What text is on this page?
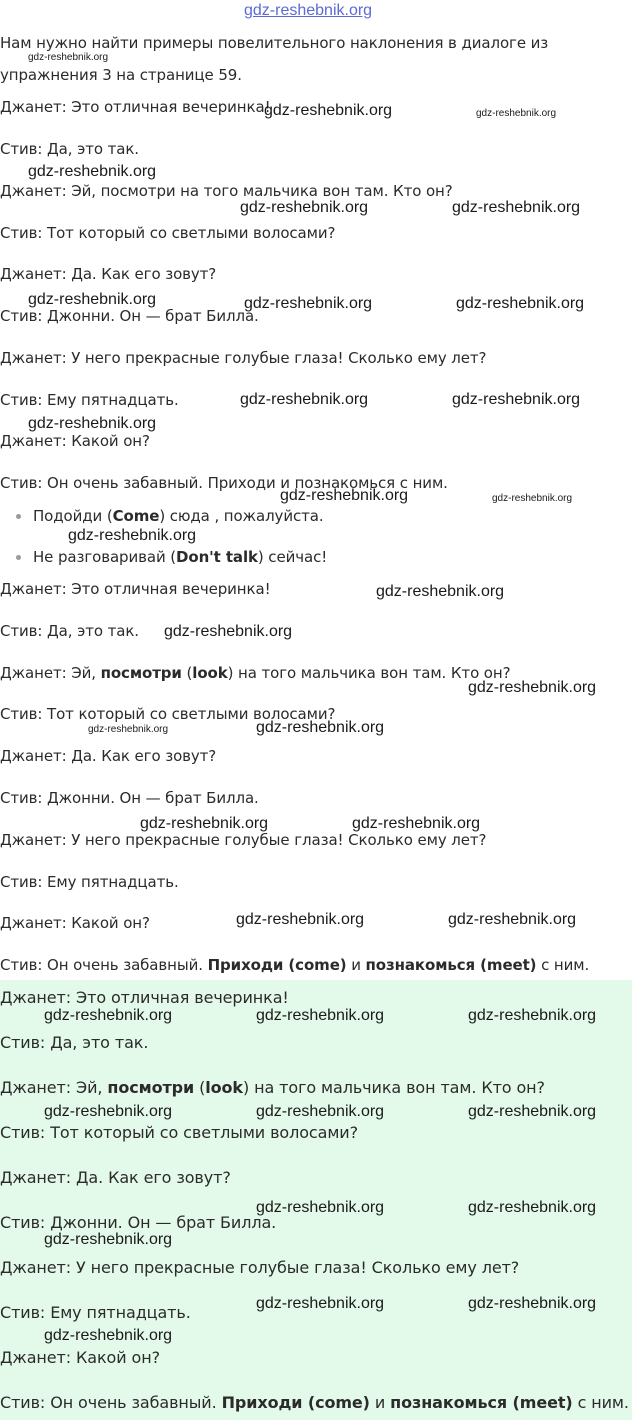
gdz-reshebnik.org
Нам нужно найти примеры повелительного наклонения в диалоге из
gdz-reshebnik.org
упражнения 3 на странице 59.
Джанет: Это отличная вечеринка!
gdz-reshebnik.org	gdz-reshebnik.org
Стив: Да, это так.
gdz-reshebnik.org
Джанет: Эй, посмотри на того мальчика вон там. Кто он?
gdz-reshebnik.org	gdz-reshebnik.org
Стив: Тот который со светлыми волосами?
Джанет: Да. Как его зовут?
gdz-reshebnik.org	gdz-reshebnik.org	gdz-reshebnik.org
Стив: Джонни. Он — брат Билла.
Джанет: У него прекрасные голубые глаза! Сколько ему лет?
Стив: Ему пятнадцать.	gdz-reshebnik.org	gdz-reshebnik.org
gdz-reshebnik.org
Джанет: Какой он?
Стив: Он очень забавный. Приходи и познакомься с ним.
gdz-reshebnik.org	gdz-reshebnik.org
Подойди (Come) сюда , пожалуйста.
gdz-reshebnik.org
Не разговаривай (Don't talk) сейчас!
Джанет: Это отличная вечеринка!	gdz-reshebnik.org
Стив: Да, это так. gdz-reshebnik.org
Джанет: Эй, посмотри (look) на того мальчика вон там. Кто он?
gdz-reshebnik.org
Стив: Тот который со светлыми волосами?
gdz-reshebnik.org	gdz-reshebnik.org
Джанет: Да. Как его зовут?
Стив: Джонни. Он — брат Билла.
gdz-reshebnik.org	gdz-reshebnik.org
Джанет: У него прекрасные голубые глаза! Сколько ему лет?
Стив: Ему пятнадцать.
Джанет: Какой он?	gdz-reshebnik.org	gdz-reshebnik.org
Стив: Он очень забавный. Приходи (come) и познакомься (meet) с ним.
Джанет: Это отличная вечеринка!
gdz-reshebnik.org	gdz-reshebnik.org	gdz-reshebnik.org
Стив: Да, это так.
Джанет: Эй, посмотри (look) на того мальчика вон там. Кто он?
gdz-reshebnik.org	gdz-reshebnik.org	gdz-reshebnik.org
Стив: Тот который со светлыми волосами?
Джанет: Да. Как его зовут?
gdz-reshebnik.org	gdz-reshebnik.org
Стив: Джонни. Он — брат Билла.
gdz-reshebnik.org
Джанет: У него прекрасные голубые глаза! Сколько ему лет?
gdz-reshebnik.org	gdz-reshebnik.org
Стив: Ему пятнадцать.
gdz-reshebnik.org
Джанет: Какой он?
Стив: Он очень забавный. Приходи (come) и познакомься (meet) с ним.
